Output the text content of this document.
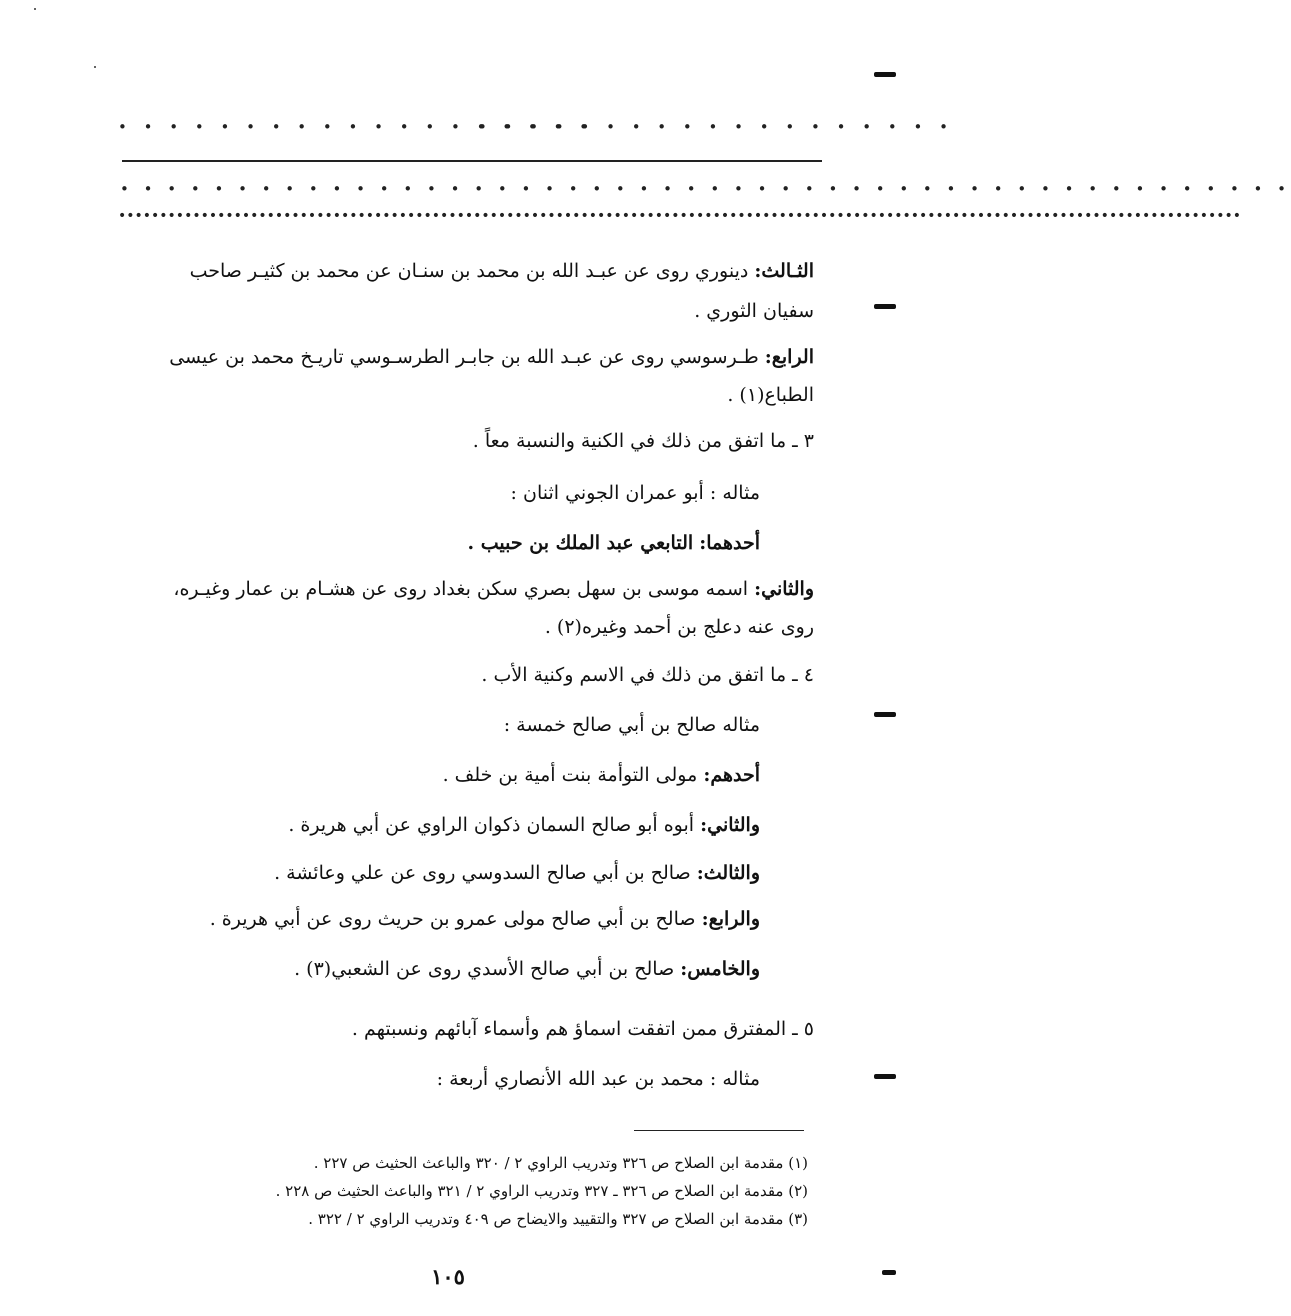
• • • • • • • • • • • • • • • • • • •
• • • • • • • • • • • • • • • • • • •
• • • • • • • • • • • • • • • • • • • • • • • • • • • • • • • • • • • • • • • • • • • • • • • • • •
••••••••••••••••••••••••••••••••••••••••••••••••••••••••••••••••••••••••••••••••••••••••••••••••••••••••••••••••••••••••••••••••••••••••
الثـالث: دينوري روى عن عبـد الله بن محمد بن سنـان عن محمد بن كثيـر صاحب
سفيان الثوري .
الرابع: طـرسوسي روى عن عبـد الله بن جابـر الطرسـوسي تاريـخ محمد بن عيسى
الطباع(١) .
٣ ـ ما اتفق من ذلك في الكنية والنسبة معاً .
مثاله : أبو عمران الجوني اثنان :
أحدهما: التابعي عبد الملك بن حبيب .
والثاني: اسمه موسى بن سهل بصري سكن بغداد روى عن هشـام بن عمار وغيـره،
روى عنه دعلج بن أحمد وغيره(٢) .
٤ ـ ما اتفق من ذلك في الاسم وكنية الأب .
مثاله صالح بن أبي صالح خمسة :
أحدهم: مولى التوأمة بنت أمية بن خلف .
والثاني: أبوه أبو صالح السمان ذكوان الراوي عن أبي هريرة .
والثالث: صالح بن أبي صالح السدوسي روى عن علي وعائشة .
والرابع: صالح بن أبي صالح مولى عمرو بن حريث روى عن أبي هريرة .
والخامس: صالح بن أبي صالح الأسدي روى عن الشعبي(٣) .
٥ ـ المفترق ممن اتفقت اسماؤ هم وأسماء آبائهم ونسبتهم .
مثاله : محمد بن عبد الله الأنصاري أربعة :
(١) مقدمة ابن الصلاح ص ٣٢٦ وتدريب الراوي ٢ / ٣٢٠ والباعث الحثيث ص ٢٢٧ .
(٢) مقدمة ابن الصلاح ص ٣٢٦ ـ ٣٢٧ وتدريب الراوي ٢ / ٣٢١ والباعث الحثيث ص ٢٢٨ .
(٣) مقدمة ابن الصلاح ص ٣٢٧ والتقييد والايضاح ص ٤٠٩ وتدريب الراوي ٢ / ٣٢٢ .
١٠٥
